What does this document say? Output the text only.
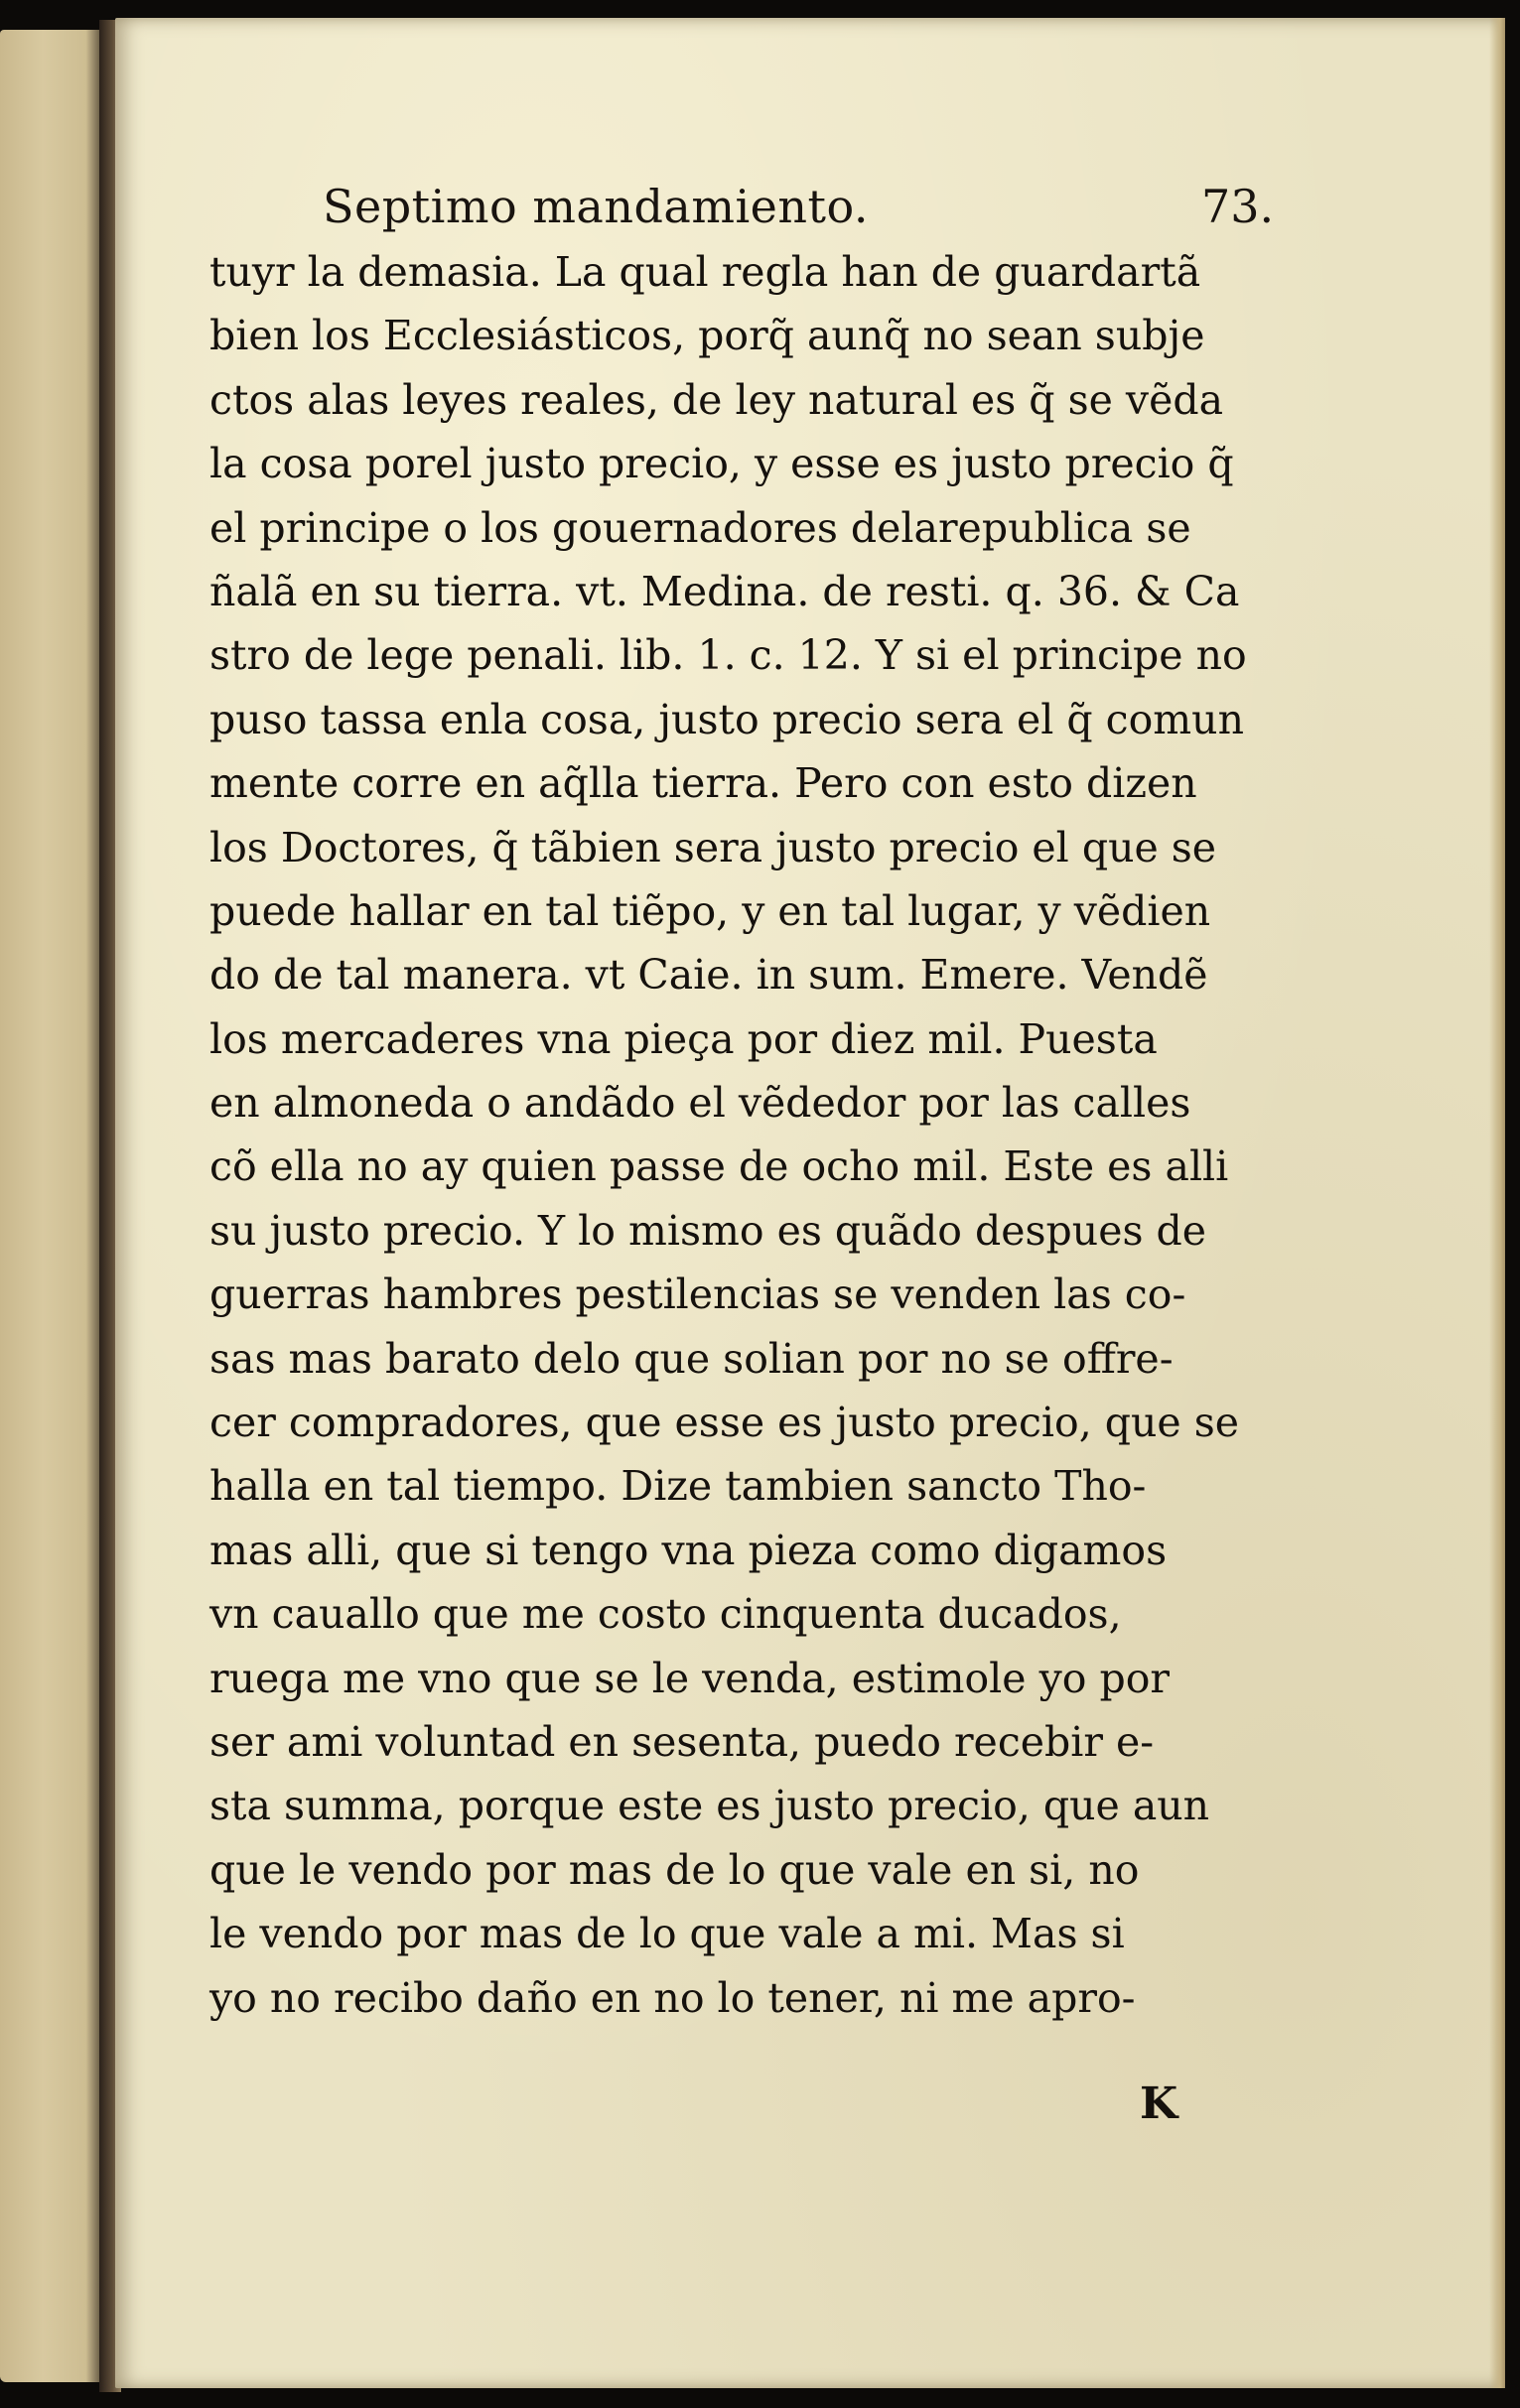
Septimo mandamiento.	73.
tuyr la demasia. La qual regla han de guardartã
bien los Ecclesiásticos, porq̃ aunq̃ no sean subje
ctos alas leyes reales, de ley natural es q̃ se vẽda
la cosa porel justo precio, y esse es justo precio q̃
el principe o los gouernadores delarepublica se
ñalã en su tierra. vt. Medina. de resti. q. 36. & Ca
stro de lege penali. lib. 1. c. 12. Y si el principe no
puso tassa enla cosa, justo precio sera el q̃ comun
mente corre en aq̃lla tierra. Pero con esto dizen
los Doctores, q̃ tãbien sera justo precio el que se
puede hallar en tal tiẽpo, y en tal lugar, y vẽdien
do de tal manera. vt Caie. in sum. Emere. Vendẽ
los mercaderes vna pieça por diez mil. Puesta
en almoneda o andãdo el vẽdedor por las calles
cõ ella no ay quien passe de ocho mil. Este es alli
su justo precio. Y lo mismo es quãdo despues de
guerras hambres pestilencias se venden las co-
sas mas barato delo que solian por no se offre-
cer compradores, que esse es justo precio, que se
halla en tal tiempo. Dize tambien sancto Tho-
mas alli, que si tengo vna pieza como digamos
vn cauallo que me costo cinquenta ducados,
ruega me vno que se le venda, estimole yo por
ser ami voluntad en sesenta, puedo recebir e-
sta summa, porque este es justo precio, que aun
que le vendo por mas de lo que vale en si, no
le vendo por mas de lo que vale a mi. Mas si
yo no recibo daño en no lo tener, ni me apro-
K
